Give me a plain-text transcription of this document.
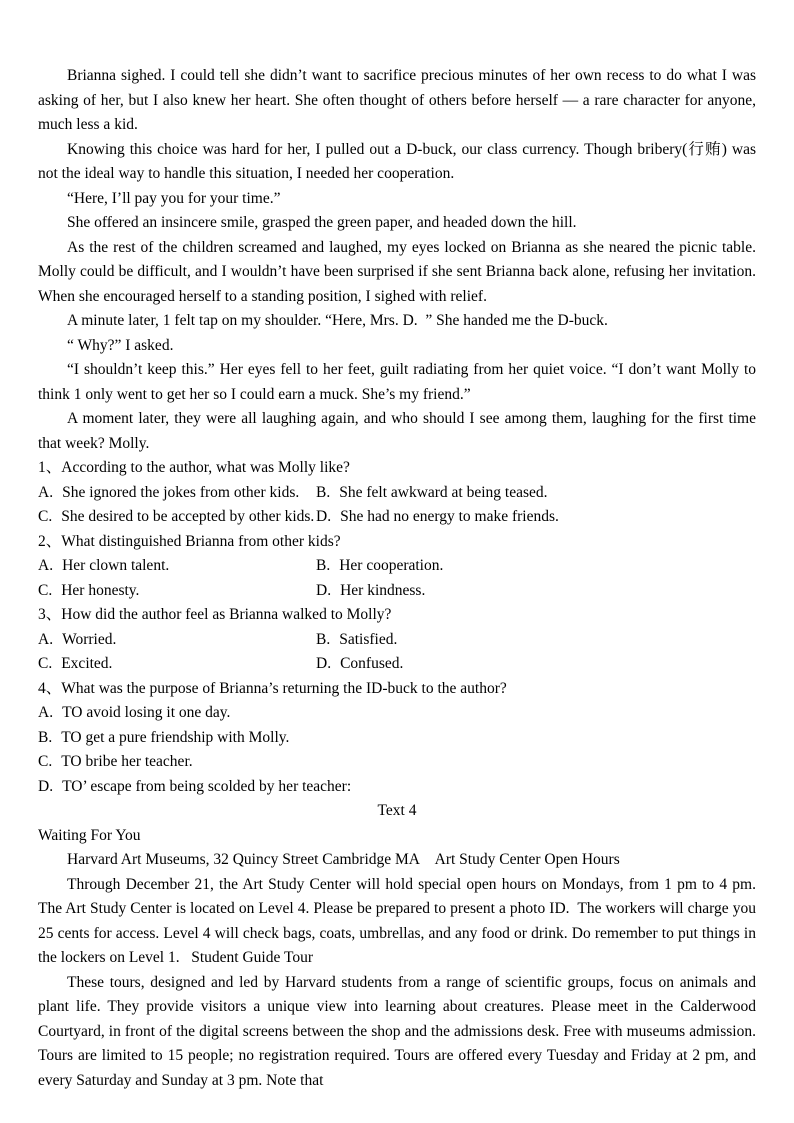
Brianna sighed. I could tell she didn’t want to sacrifice precious minutes of her own recess to do what I was asking of her, but I also knew her heart. She often thought of others before herself — a rare character for anyone, much less a kid.

Knowing this choice was hard for her, I pulled out a D-buck, our class currency. Though bribery(行贿) was not the ideal way to handle this situation, I needed her cooperation.

“Here, I’ll pay you for your time.”

She offered an insincere smile, grasped the green paper, and headed down the hill.

As the rest of the children screamed and laughed, my eyes locked on Brianna as she neared the picnic table. Molly could be difficult, and I wouldn’t have been surprised if she sent Brianna back alone, refusing her invitation. When she encouraged herself to a standing position, I sighed with relief.

A minute later, 1 felt tap on my shoulder. “Here, Mrs. D.  ” She handed me the D-buck.

“ Why?” I asked.

“I shouldn’t keep this.” Her eyes fell to her feet, guilt radiating from her quiet voice. “I don’t want Molly to think 1 only went to get her so I could earn a muck. She’s my friend.”

A moment later, they were all laughing again, and who should I see among them, laughing for the first time that week? Molly.

1、According to the author, what was Molly like?

A. She ignored the jokes from other kids.	B. She felt awkward at being teased.

C. She desired to be accepted by other kids. D. She had no energy to make friends.

2、What distinguished Brianna from other kids?

A. Her clown talent.	B. Her cooperation.

C. Her honesty.	D. Her kindness.

3、How did the author feel as Brianna walked to Molly?

A. Worried.	B. Satisfied.

C. Excited.	D. Confused.

4、What was the purpose of Brianna’s returning the ID-buck to the author?

A. TO avoid losing it one day.

B. TO get a pure friendship with Molly.

C. TO bribe her teacher.

D. TO’ escape from being scolded by her teacher:

Text 4

Waiting For You

Harvard Art Museums, 32 Quincy Street Cambridge MA    Art Study Center Open Hours

Through December 21, the Art Study Center will hold special open hours on Mondays, from 1 pm to 4 pm. The Art Study Center is located on Level 4. Please be prepared to present a photo ID.  The workers will charge you 25 cents for access. Level 4 will check bags, coats, umbrellas, and any food or drink. Do remember to put things in the lockers on Level 1.   Student Guide Tour

These tours, designed and led by Harvard students from a range of scientific groups, focus on animals and plant life. They provide visitors a unique view into learning about creatures. Please meet in the Calderwood Courtyard, in front of the digital screens between the shop and the admissions desk. Free with museums admission. Tours are limited to 15 people; no registration required. Tours are offered every Tuesday and Friday at 2 pm, and every Saturday and Sunday at 3 pm. Note that
